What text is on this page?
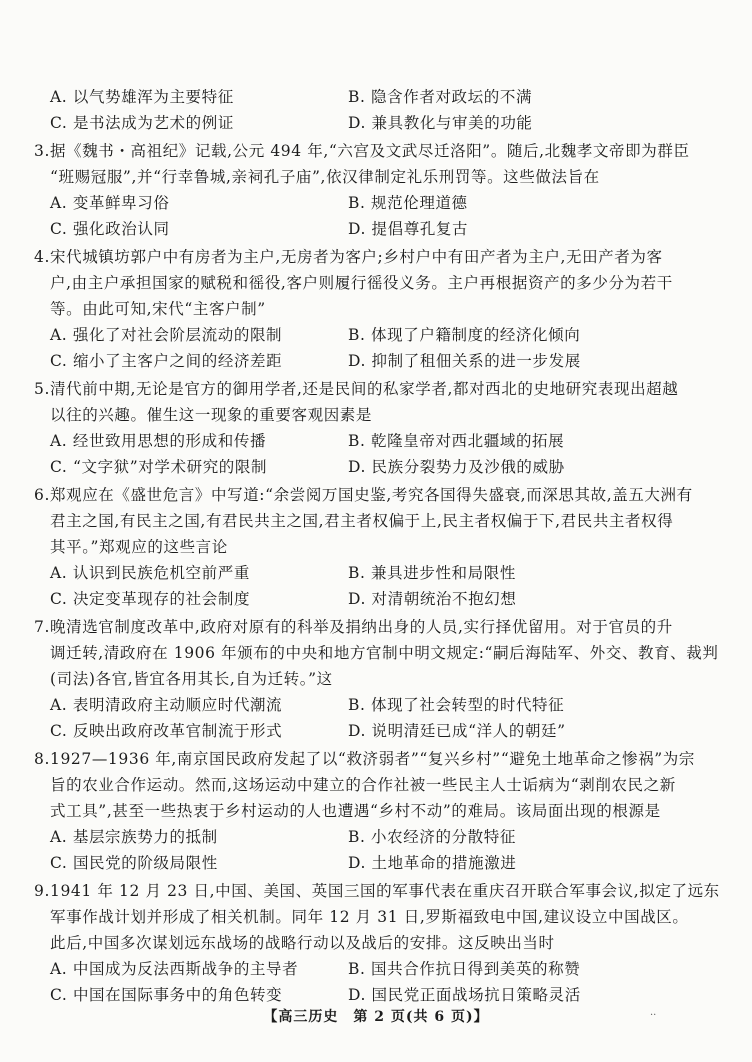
A. 以气势雄浑为主要特征	B. 隐含作者对政坛的不满
C. 是书法成为艺术的例证	D. 兼具教化与审美的功能
3.据《魏书・高祖纪》记载,公元 494 年,“六宫及文武尽迁洛阳”。随后,北魏孝文帝即为群臣
“班赐冠服”,并“行幸鲁城,亲祠孔子庙”,依汉律制定礼乐刑罚等。这些做法旨在
A. 变革鲜卑习俗	B. 规范伦理道德
C. 强化政治认同	D. 提倡尊孔复古
4.宋代城镇坊郭户中有房者为主户,无房者为客户;乡村户中有田产者为主户,无田产者为客
户,由主户承担国家的赋税和徭役,客户则履行徭役义务。主户再根据资产的多少分为若干
等。由此可知,宋代“主客户制”
A. 强化了对社会阶层流动的限制	B. 体现了户籍制度的经济化倾向
C. 缩小了主客户之间的经济差距	D. 抑制了租佃关系的进一步发展
5.清代前中期,无论是官方的御用学者,还是民间的私家学者,都对西北的史地研究表现出超越
以往的兴趣。催生这一现象的重要客观因素是
A. 经世致用思想的形成和传播	B. 乾隆皇帝对西北疆域的拓展
C. “文字狱”对学术研究的限制	D. 民族分裂势力及沙俄的威胁
6.郑观应在《盛世危言》中写道:“余尝阅万国史鉴,考究各国得失盛衰,而深思其故,盖五大洲有
君主之国,有民主之国,有君民共主之国,君主者权偏于上,民主者权偏于下,君民共主者权得
其平。”郑观应的这些言论
A. 认识到民族危机空前严重	B. 兼具进步性和局限性
C. 决定变革现存的社会制度	D. 对清朝统治不抱幻想
7.晚清选官制度改革中,政府对原有的科举及捐纳出身的人员,实行择优留用。对于官员的升
调迁转,清政府在 1906 年颁布的中央和地方官制中明文规定:“嗣后海陆军、外交、教育、裁判
(司法)各官,皆宜各用其长,自为迁转。”这
A. 表明清政府主动顺应时代潮流	B. 体现了社会转型的时代特征
C. 反映出政府改革官制流于形式	D. 说明清廷已成“洋人的朝廷”
8.1927—1936 年,南京国民政府发起了以“救济弱者”“复兴乡村”“避免土地革命之惨祸”为宗
旨的农业合作运动。然而,这场运动中建立的合作社被一些民主人士诟病为“剥削农民之新
式工具”,甚至一些热衷于乡村运动的人也遭遇“乡村不动”的难局。该局面出现的根源是
A. 基层宗族势力的抵制	B. 小农经济的分散特征
C. 国民党的阶级局限性	D. 土地革命的措施激进
9.1941 年 12 月 23 日,中国、美国、英国三国的军事代表在重庆召开联合军事会议,拟定了远东
军事作战计划并形成了相关机制。同年 12 月 31 日,罗斯福致电中国,建议设立中国战区。
此后,中国多次谋划远东战场的战略行动以及战后的安排。这反映出当时
A. 中国成为反法西斯战争的主导者	B. 国共合作抗日得到美英的称赞
C. 中国在国际事务中的角色转变	D. 国民党正面战场抗日策略灵活
【高三历史　第 2 页(共 6 页)】	··
